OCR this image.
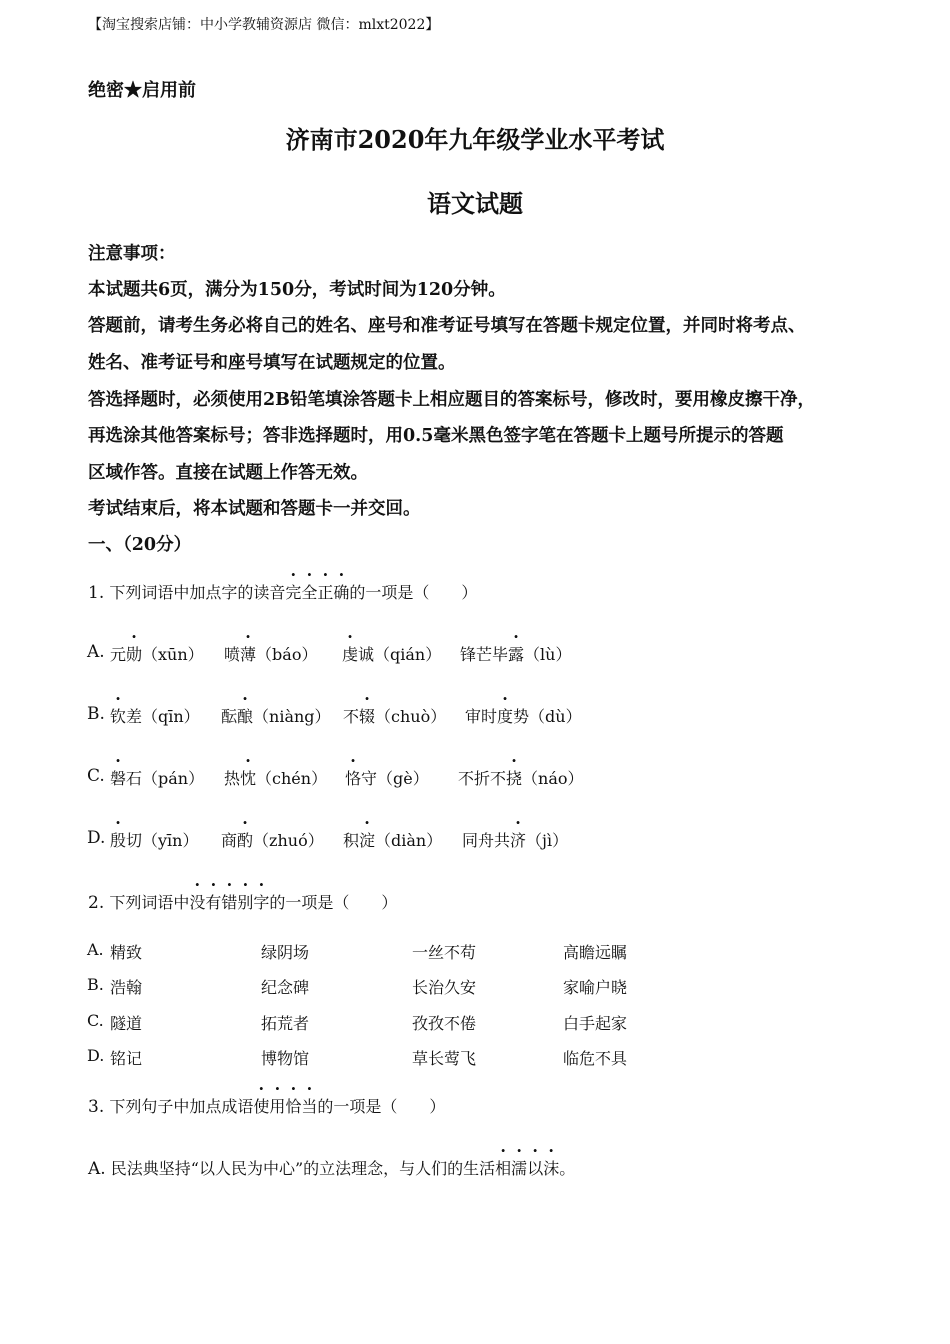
【淘宝搜索店铺：中小学教辅资源店 微信：mlxt2022】
绝密★启用前
济南市2020年九年级学业水平考试
语文试题
注意事项：
本试题共6页，满分为150分，考试时间为120分钟。
答题前，请考生务必将自己的姓名、座号和准考证号填写在答题卡规定位置，并同时将考点、
姓名、准考证号和座号填写在试题规定的位置。
答选择题时，必须使用2B铅笔填涂答题卡上相应题目的答案标号，修改时，要用橡皮擦干净，
再选涂其他答案标号；答非选择题时，用0.5毫米黑色签字笔在答题卡上题号所提示的答题
区域作答。直接在试题上作答无效。
考试结束后，将本试题和答题卡一并交回。
一、（20分）
1. 下列词语中加点字的读音完全正确的一项是（　　）
A. 元勋（xūn） 喷薄（báo） 虔诚（qián） 锋芒毕露（lù）
B. 钦差（qīn） 酝酿（niàng） 不辍（chuò） 审时度势（dù）
C. 磐石（pán） 热忱（chén） 恪守（gè） 不折不挠（náo）
D. 殷切（yīn） 商酌（zhuó） 积淀（diàn） 同舟共济（jì）
2. 下列词语中没有错别字的一项是（　　）
A. 精致	绿阴场	一丝不苟	高瞻远瞩
B. 浩翰	纪念碑	长治久安	家喻户晓
C. 隧道	拓荒者	孜孜不倦	白手起家
D. 铭记	博物馆	草长莺飞	临危不具
3. 下列句子中加点成语使用恰当的一项是（　　）
A. 民法典坚持“以人民为中心”的立法理念，与人们的生活相濡以沫。
